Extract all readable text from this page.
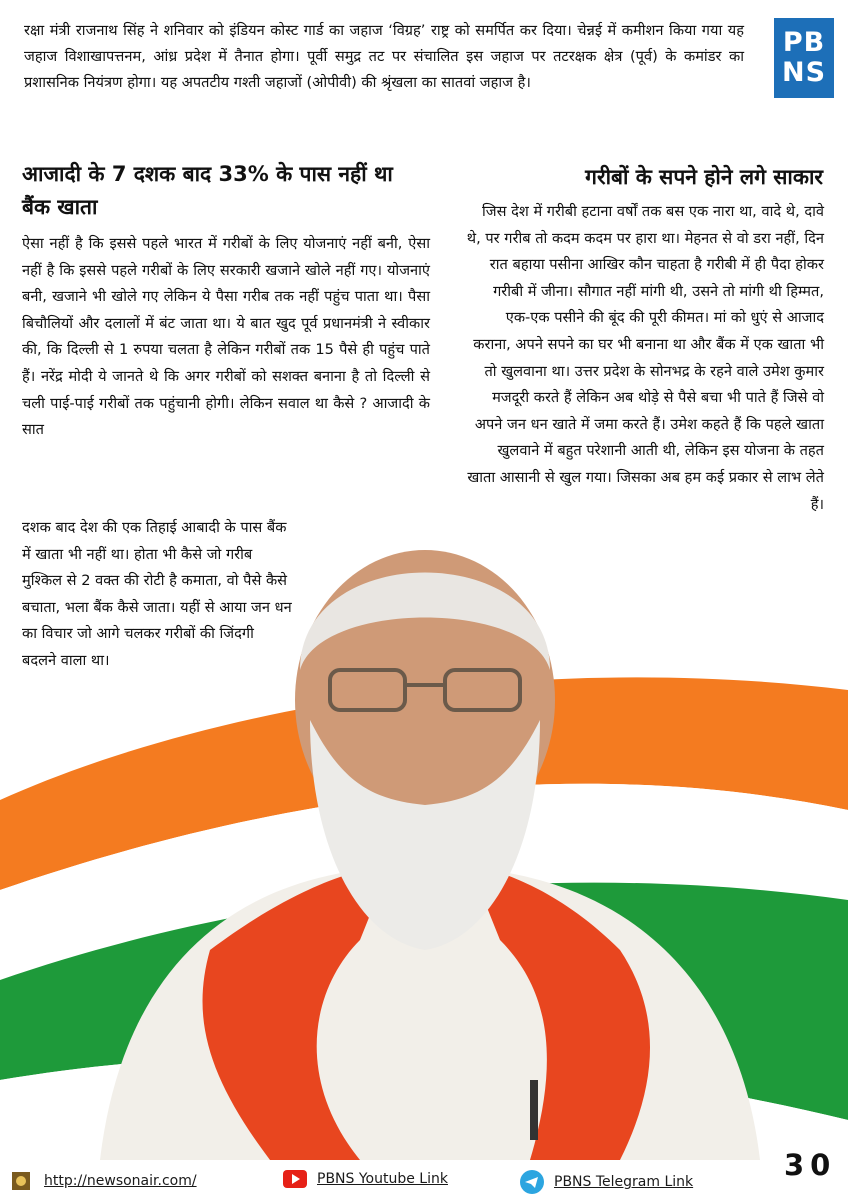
रक्षा मंत्री राजनाथ सिंह ने शनिवार को इंडियन कोस्ट गार्ड का जहाज ‘विग्रह’ राष्ट्र को समर्पित कर दिया। चेन्नई में कमीशन किया गया यह जहाज विशाखापत्तनम, आंध्र प्रदेश में तैनात होगा। पूर्वी समुद्र तट पर संचालित इस जहाज पर तटरक्षक क्षेत्र (पूर्व) के कमांडर का प्रशासनिक नियंत्रण होगा। यह अपतटीय गश्ती जहाजों (ओपीवी) की श्रृंखला का सातवां जहाज है।
PB
NS
आजादी के 7 दशक बाद 33% के पास नहीं था बैंक खाता
ऐसा नहीं है कि इससे पहले भारत में गरीबों के लिए योजनाएं नहीं बनी, ऐसा नहीं है कि इससे पहले गरीबों के लिए सरकारी खजाने खोले नहीं गए। योजनाएं बनी, खजाने भी खोले गए लेकिन ये पैसा गरीब तक नहीं पहुंच पाता था। पैसा बिचौलियों और दलालों में बंट जाता था। ये बात खुद पूर्व प्रधानमंत्री ने स्वीकार की, कि दिल्ली से 1 रुपया चलता है लेकिन गरीबों तक 15 पैसे ही पहुंच पाते हैं। नरेंद्र मोदी ये जानते थे कि अगर गरीबों को सशक्त बनाना है तो दिल्ली से चली पाई-पाई गरीबों तक पहुंचानी होगी। लेकिन सवाल था कैसे ? आजादी के सात
दशक बाद देश की एक तिहाई आबादी के पास बैंक में खाता भी नहीं था। होता भी कैसे जो गरीब मुश्किल से 2 वक्त की रोटी है कमाता, वो पैसे कैसे बचाता, भला बैंक कैसे जाता। यहीं से आया जन धन का विचार जो आगे चलकर गरीबों की जिंदगी बदलने वाला था।
गरीबों के सपने होने लगे साकार
जिस देश में गरीबी हटाना वर्षों तक बस एक नारा था, वादे थे, दावे थे, पर गरीब तो कदम कदम पर हारा था। मेहनत से वो डरा नहीं, दिन रात बहाया पसीना आखिर कौन चाहता है गरीबी में ही पैदा होकर गरीबी में जीना। सौगात नहीं मांगी थी, उसने तो मांगी थी हिम्मत, एक-एक पसीने की बूंद की पूरी कीमत। मां को धुएं से आजाद कराना, अपने सपने का घर भी बनाना था और बैंक में एक खाता भी तो खुलवाना था। उत्तर प्रदेश के सोनभद्र के रहने वाले उमेश कुमार मजदूरी करते हैं लेकिन अब थोड़े से पैसे बचा भी पाते हैं जिसे वो अपने जन धन खाते में जमा करते हैं। उमेश कहते हैं कि पहले खाता खुलवाने में बहुत परेशानी आती थी, लेकिन इस योजना के तहत खाता आसानी से खुल गया। जिसका अब हम कई प्रकार से लाभ लेते हैं।
http://newsonair.com/	PBNS Youtube Link	PBNS Telegram Link	30
